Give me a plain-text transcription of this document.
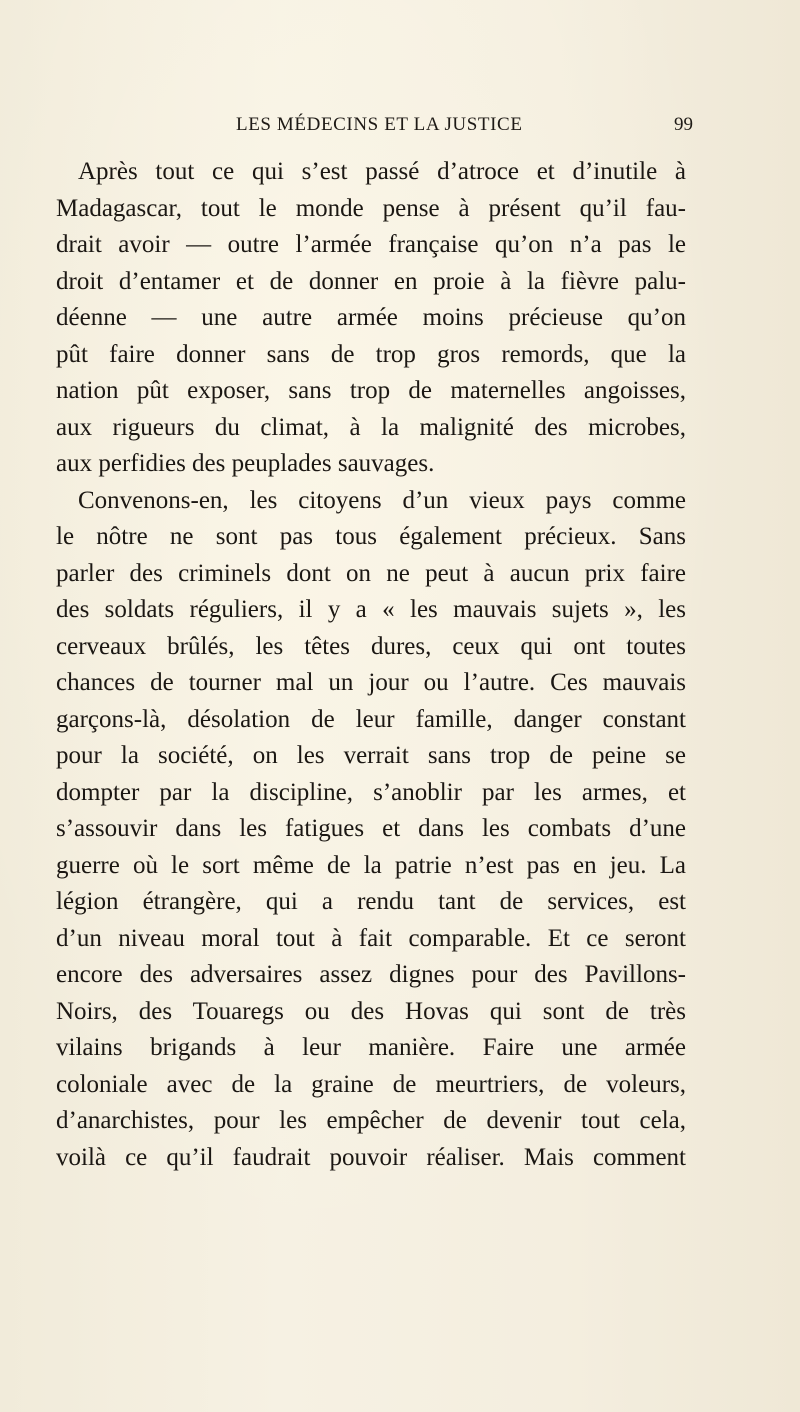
LES MÉDECINS ET LA JUSTICE	99
Après tout ce qui s’est passé d’atroce et d’inutile à
Madagascar, tout le monde pense à présent qu’il fau-
drait avoir — outre l’armée française qu’on n’a pas le
droit d’entamer et de donner en proie à la fièvre palu-
déenne — une autre armée moins précieuse qu’on
pût faire donner sans de trop gros remords, que la
nation pût exposer, sans trop de maternelles angoisses,
aux rigueurs du climat, à la malignité des microbes,
aux perfidies des peuplades sauvages.
Convenons-en, les citoyens d’un vieux pays comme
le nôtre ne sont pas tous également précieux. Sans
parler des criminels dont on ne peut à aucun prix faire
des soldats réguliers, il y a « les mauvais sujets », les
cerveaux brûlés, les têtes dures, ceux qui ont toutes
chances de tourner mal un jour ou l’autre. Ces mauvais
garçons-là, désolation de leur famille, danger constant
pour la société, on les verrait sans trop de peine se
dompter par la discipline, s’anoblir par les armes, et
s’assouvir dans les fatigues et dans les combats d’une
guerre où le sort même de la patrie n’est pas en jeu. La
légion étrangère, qui a rendu tant de services, est
d’un niveau moral tout à fait comparable. Et ce seront
encore des adversaires assez dignes pour des Pavillons-
Noirs, des Touaregs ou des Hovas qui sont de très
vilains brigands à leur manière. Faire une armée
coloniale avec de la graine de meurtriers, de voleurs,
d’anarchistes, pour les empêcher de devenir tout cela,
voilà ce qu’il faudrait pouvoir réaliser. Mais comment
